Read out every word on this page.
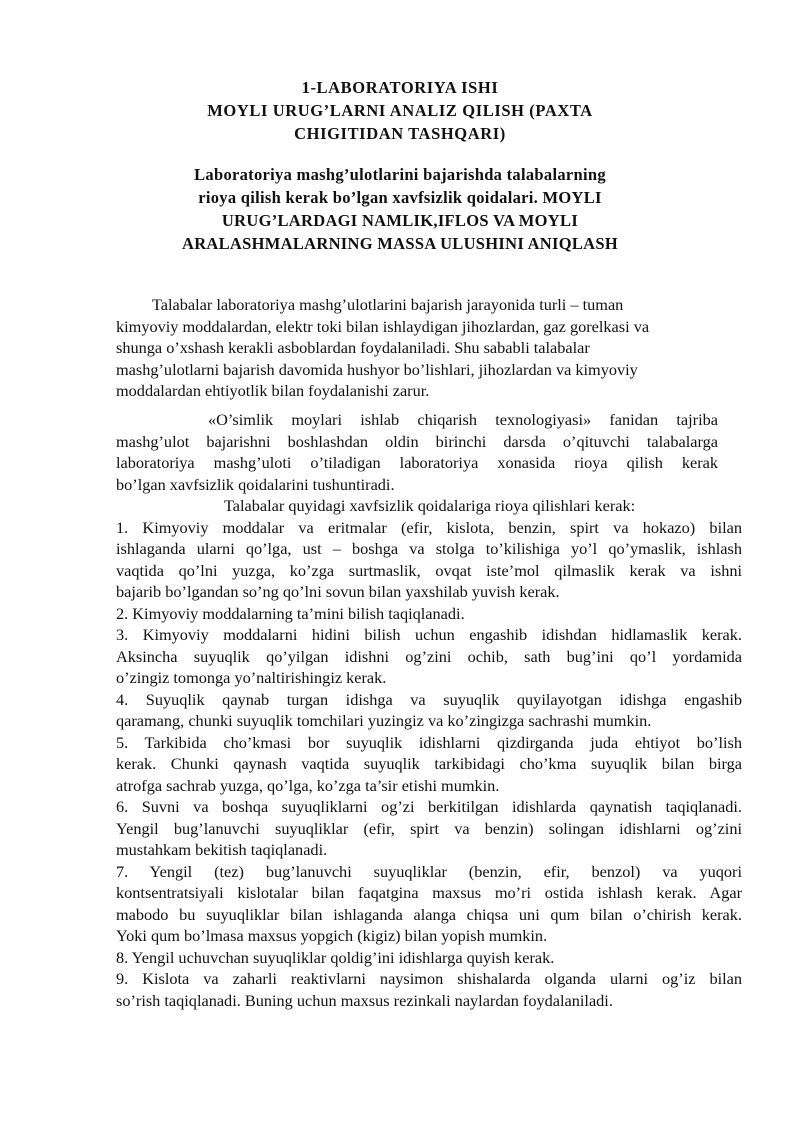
1-LABORATORIYA ISHI
MOYLI URUG’LARNI ANALIZ QILISH (PAXTA
CHIGITIDAN TASHQARI)
Laboratoriya mashg’ulotlarini bajarishda talabalarning
rioya qilish kerak bo’lgan xavfsizlik qoidalari. MOYLI
URUG’LARDAGI NAMLIK,IFLOS VA MOYLI
ARALASHMALARNING MASSA ULUSHINI ANIQLASH
Talabalar laboratoriya mashg’ulotlarini bajarish jarayonida turli – tuman
kimyoviy moddalardan, elektr toki bilan ishlaydigan jihozlardan, gaz gorelkasi va
shunga o’xshash kerakli asboblardan foydalaniladi. Shu sababli talabalar
mashg’ulotlarni bajarish davomida hushyor bo’lishlari, jihozlardan va kimyoviy
moddalardan ehtiyotlik bilan foydalanishi zarur.
«O’simlik moylari ishlab chiqarish texnologiyasi» fanidan tajriba
mashg’ulot bajarishni boshlashdan oldin birinchi darsda o’qituvchi talabalarga
laboratoriya mashg’uloti o’tiladigan laboratoriya xonasida rioya qilish kerak
bo’lgan xavfsizlik qoidalarini tushuntiradi.
Talabalar quyidagi xavfsizlik qoidalariga rioya qilishlari kerak:
1. Kimyoviy moddalar va eritmalar (efir, kislota, benzin, spirt va hokazo) bilan
ishlaganda ularni qo’lga, ust – boshga va stolga to’kilishiga yo’l qo’ymaslik, ishlash
vaqtida qo’lni yuzga, ko’zga surtmaslik, ovqat iste’mol qilmaslik kerak va ishni
bajarib bo’lgandan so’ng qo’lni sovun bilan yaxshilab yuvish kerak.
2. Kimyoviy moddalarning ta’mini bilish taqiqlanadi.
3. Kimyoviy moddalarni hidini bilish uchun engashib idishdan hidlamaslik kerak.
Aksincha suyuqlik qo’yilgan idishni og’zini ochib, sath bug’ini qo’l yordamida
o’zingiz tomonga yo’naltirishingiz kerak.
4. Suyuqlik qaynab turgan idishga va suyuqlik quyilayotgan idishga engashib
qaramang, chunki suyuqlik tomchilari yuzingiz va ko’zingizga sachrashi mumkin.
5. Tarkibida cho’kmasi bor suyuqlik idishlarni qizdirganda juda ehtiyot bo’lish
kerak. Chunki qaynash vaqtida suyuqlik tarkibidagi cho’kma suyuqlik bilan birga
atrofga sachrab yuzga, qo’lga, ko’zga ta’sir etishi mumkin.
6. Suvni va boshqa suyuqliklarni og’zi berkitilgan idishlarda qaynatish taqiqlanadi.
Yengil bug’lanuvchi suyuqliklar (efir, spirt va benzin) solingan idishlarni og’zini
mustahkam bekitish taqiqlanadi.
7. Yengil (tez) bug’lanuvchi suyuqliklar (benzin, efir, benzol) va yuqori
kontsentratsiyali kislotalar bilan faqatgina maxsus mo’ri ostida ishlash kerak. Agar
mabodo bu suyuqliklar bilan ishlaganda alanga chiqsa uni qum bilan o’chirish kerak.
Yoki qum bo’lmasa maxsus yopgich (kigiz) bilan yopish mumkin.
8. Yengil uchuvchan suyuqliklar qoldig’ini idishlarga quyish kerak.
9. Kislota va zaharli reaktivlarni naysimon shishalarda olganda ularni og’iz bilan
so’rish taqiqlanadi. Buning uchun maxsus rezinkali naylardan foydalaniladi.
